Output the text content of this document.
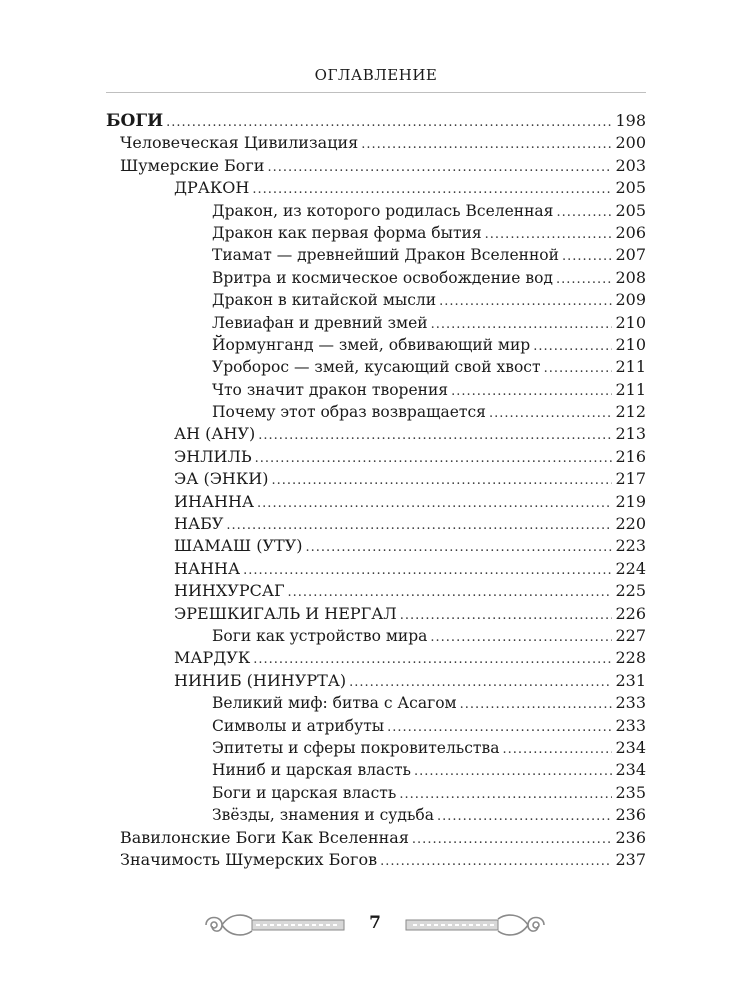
ОГЛАВЛЕНИЕ
БОГИ .....	198
Человеческая Цивилизация .....	200
Шумерские Боги .....	203
ДРАКОН .....	205
Дракон, из которого родилась Вселенная .....	205
Дракон как первая форма бытия .....	206
Тиамат — древнейший Дракон Вселенной .....	207
Вритра и космическое освобождение вод .....	208
Дракон в китайской мысли .....	209
Левиафан и древний змей .....	210
Йормунганд — змей, обвивающий мир .....	210
Уроборос — змей, кусающий свой хвост .....	211
Что значит дракон творения .....	211
Почему этот образ возвращается .....	212
АН (АНУ) .....	213
ЭНЛИЛЬ .....	216
ЭА (ЭНКИ) .....	217
ИНАННА .....	219
НАБУ .....	220
ШАМАШ (УТУ) .....	223
НАННА .....	224
НИНХУРСАГ .....	225
ЭРЕШКИГАЛЬ И НЕРГАЛ .....	226
Боги как устройство мира .....	227
МАРДУК .....	228
НИНИБ (НИНУРТА) .....	231
Великий миф: битва с Асагом .....	233
Символы и атрибуты .....	233
Эпитеты и сферы покровительства .....	234
Ниниб и царская власть .....	234
Боги и царская власть .....	235
Звёзды, знамения и судьба .....	236
Вавилонские Боги Как Вселенная .....	236
Значимость Шумерских Богов .....	237
7
